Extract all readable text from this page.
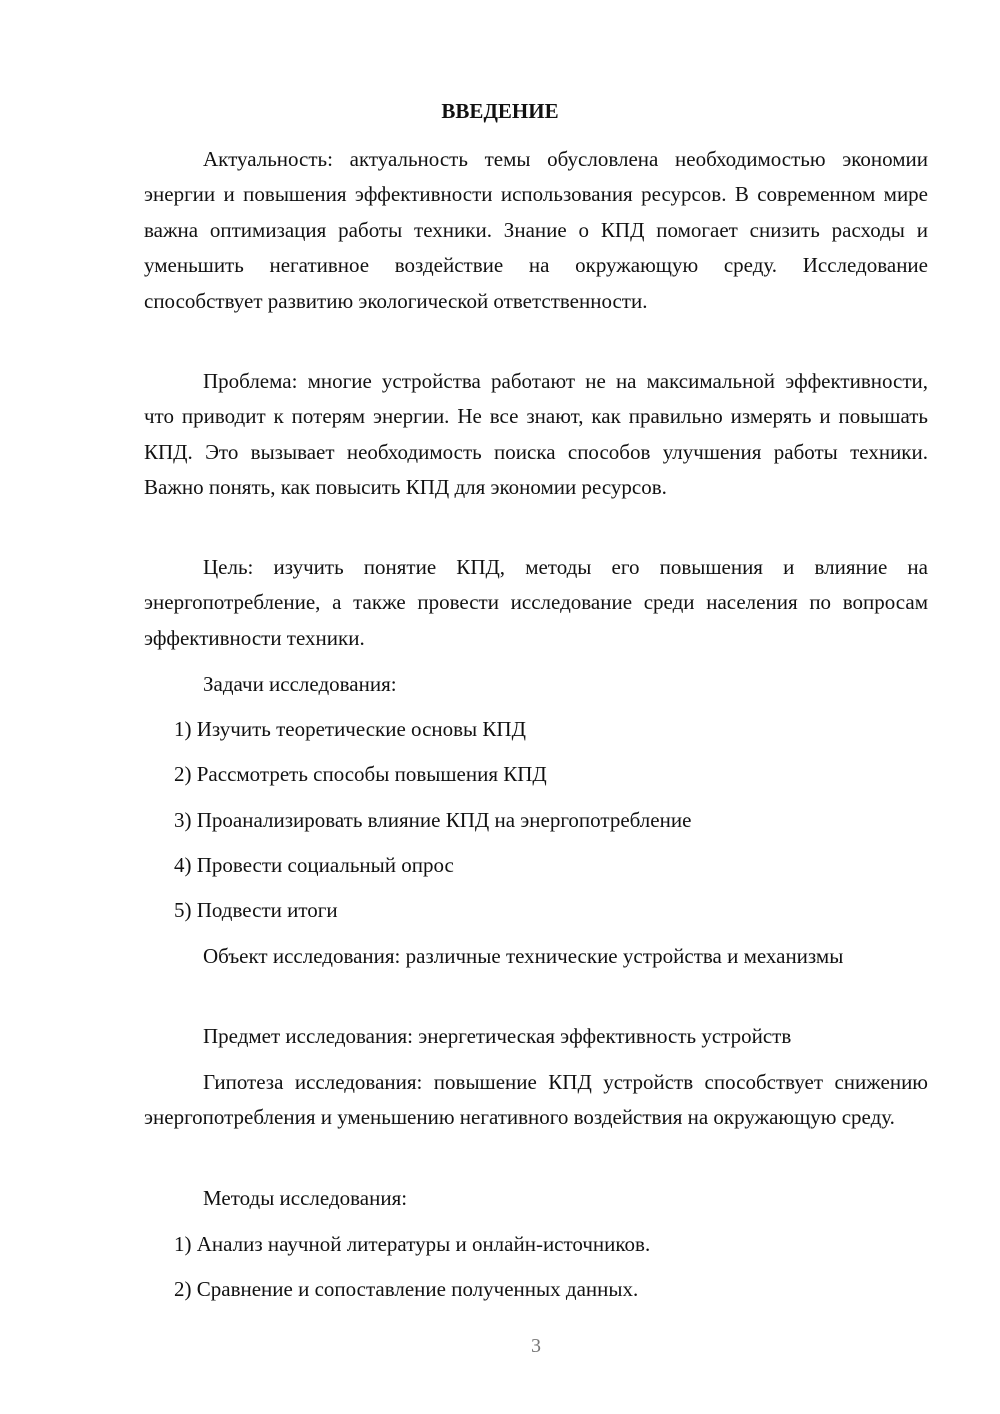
ВВЕДЕНИЕ

Актуальность: актуальность темы обусловлена необходимостью экономии энергии и повышения эффективности использования ресурсов. В современном мире важна оптимизация работы техники. Знание о КПД помогает снизить расходы и уменьшить негативное воздействие на окружающую среду. Исследование способствует развитию экологической ответственности.

Проблема: многие устройства работают не на максимальной эффективности, что приводит к потерям энергии. Не все знают, как правильно измерять и повышать КПД. Это вызывает необходимость поиска способов улучшения работы техники. Важно понять, как повысить КПД для экономии ресурсов.

Цель: изучить понятие КПД, методы его повышения и влияние на энергопотребление, а также провести исследование среди населения по вопросам эффективности техники.

Задачи исследования:

1) Изучить теоретические основы КПД

2) Рассмотреть способы повышения КПД

3) Проанализировать влияние КПД на энергопотребление

4) Провести социальный опрос

5) Подвести итоги

Объект исследования: различные технические устройства и механизмы

Предмет исследования: энергетическая эффективность устройств

Гипотеза исследования: повышение КПД устройств способствует снижению энергопотребления и уменьшению негативного воздействия на окружающую среду.

Методы исследования:

1) Анализ научной литературы и онлайн-источников.

2) Сравнение и сопоставление полученных данных.

3
